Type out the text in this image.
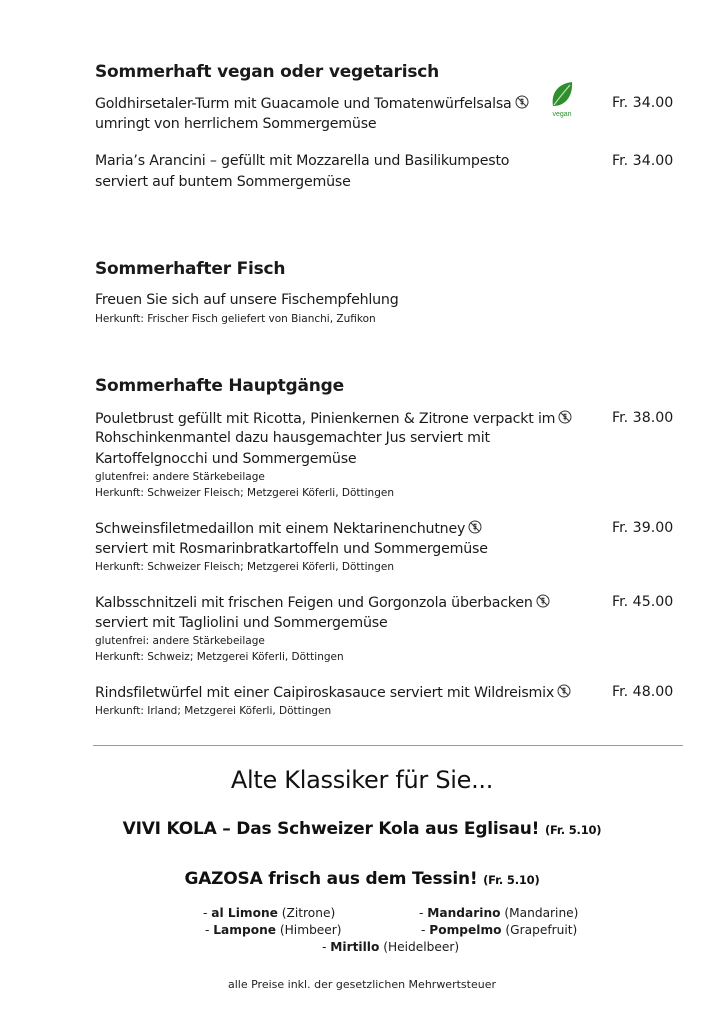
Sommerhaft vegan oder vegetarisch
Goldhirsetaler-Turm mit Guacamole und Tomatenwürfelsalsa
umringt von herrlichem Sommergemüse
Fr. 34.00
vegan
Maria’s Arancini – gefüllt mit Mozzarella und Basilikumpesto
serviert auf buntem Sommergemüse
Fr. 34.00
Sommerhafter Fisch
Freuen Sie sich auf unsere Fischempfehlung
Herkunft: Frischer Fisch geliefert von Bianchi, Zufikon
Sommerhafte Hauptgänge
Pouletbrust gefüllt mit Ricotta, Pinienkernen & Zitrone verpackt im
Rohschinkenmantel dazu hausgemachter Jus serviert mit
Kartoffelgnocchi und Sommergemüse
glutenfrei: andere Stärkebeilage
Herkunft: Schweizer Fleisch; Metzgerei Köferli, Döttingen
Fr. 38.00
Schweinsfiletmedaillon mit einem Nektarinenchutney
serviert mit Rosmarinbratkartoffeln und Sommergemüse
Herkunft: Schweizer Fleisch; Metzgerei Köferli, Döttingen
Fr. 39.00
Kalbsschnitzeli mit frischen Feigen und Gorgonzola überbacken
serviert mit Tagliolini und Sommergemüse
glutenfrei: andere Stärkebeilage
Herkunft: Schweiz; Metzgerei Köferli, Döttingen
Fr. 45.00
Rindsfiletwürfel mit einer Caipiroskasauce serviert mit Wildreismix
Herkunft: Irland; Metzgerei Köferli, Döttingen
Fr. 48.00
Alte Klassiker für Sie...
VIVI KOLA – Das Schweizer Kola aus Eglisau! (Fr. 5.10)
GAZOSA frisch aus dem Tessin! (Fr. 5.10)
- al Limone (Zitrone)	- Mandarino (Mandarine)
- Lampone (Himbeer)	- Pompelmo (Grapefruit)
- Mirtillo (Heidelbeer)
alle Preise inkl. der gesetzlichen Mehrwertsteuer
